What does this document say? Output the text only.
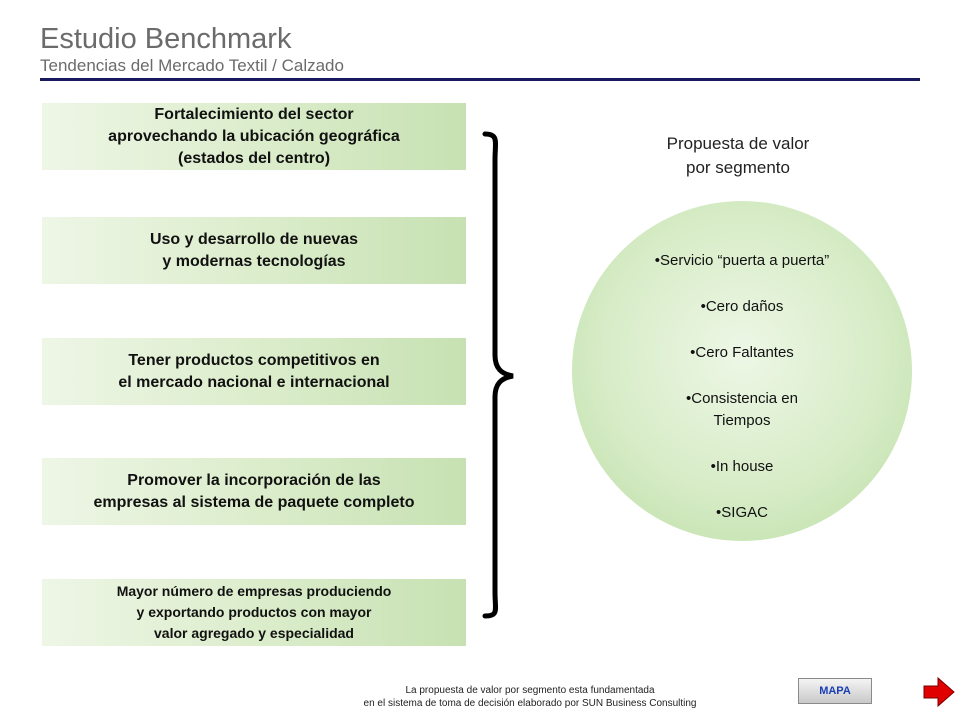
Estudio Benchmark
Tendencias del Mercado Textil / Calzado
Fortalecimiento del sector
aprovechando la ubicación geográfica
(estados del centro)
Uso y desarrollo de nuevas
y modernas tecnologías
Tener productos competitivos en
el mercado nacional e internacional
Promover la incorporación de las
empresas al sistema de paquete completo
Mayor número de empresas produciendo
y exportando productos con mayor
valor agregado y especialidad
Propuesta de valor
por segmento
•Servicio “puerta a puerta”
•Cero daños
•Cero Faltantes
•Consistencia en Tiempos
•In house
•SIGAC
La propuesta de valor por segmento esta fundamentada
en el sistema de toma de decisión elaborado por SUN Business Consulting
MAPA
